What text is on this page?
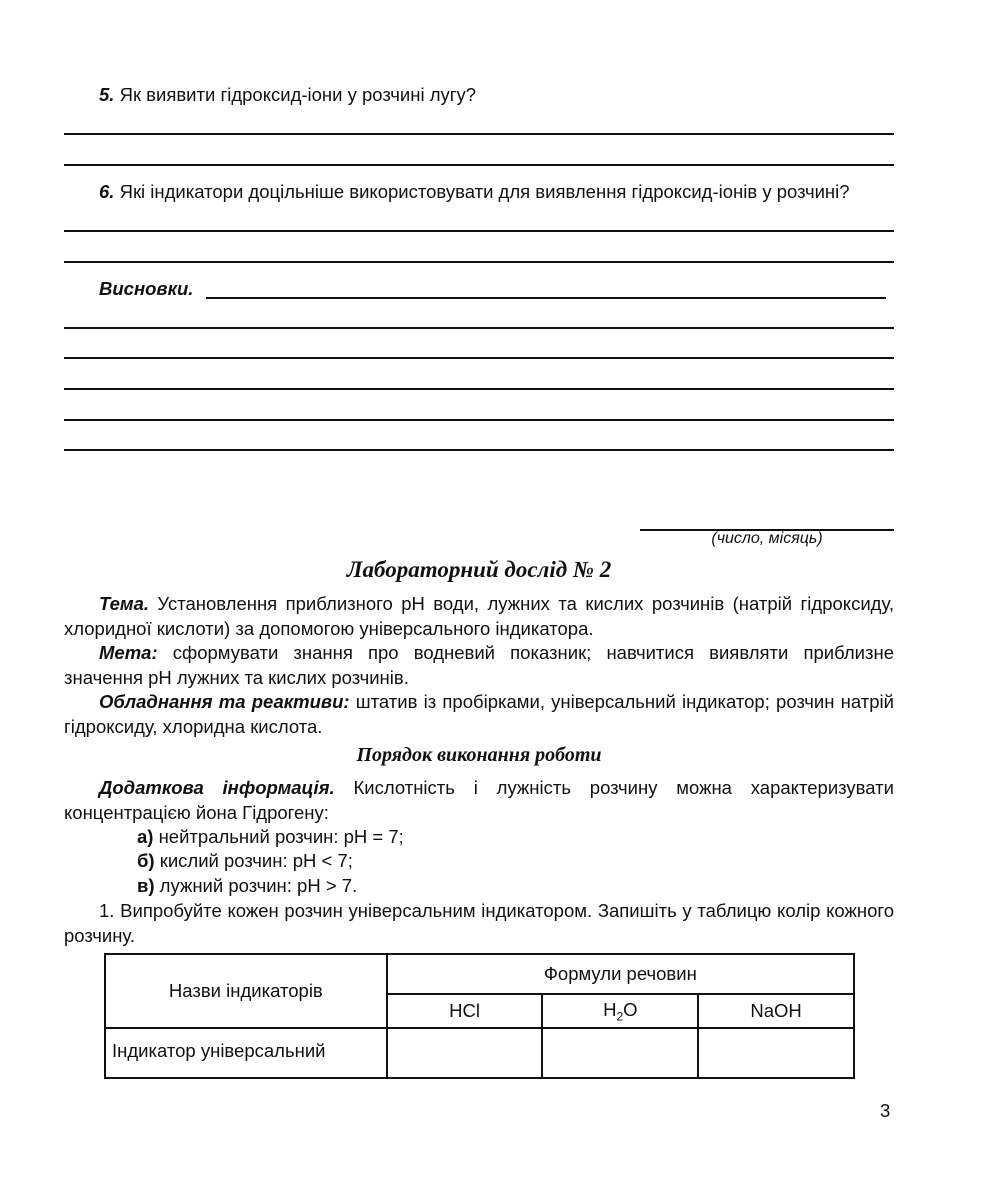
5. Як виявити гідроксид-іони у розчині лугу?
6. Які індикатори доцільніше використовувати для виявлення гідроксид-іонів у розчині?
Висновки.
(число, місяць)
Лабораторний дослід № 2
Тема. Установлення приблизного pH води, лужних та кислих розчинів (натрій гідроксиду, хлоридної кислоти) за допомогою універсального індикатора.
Мета: сформувати знання про водневий показник; навчитися виявляти приблизне значення pH лужних та кислих розчинів.
Обладнання та реактиви: штатив із пробірками, універсальний індикатор; розчин натрій гідроксиду, хлоридна кислота.
Порядок виконання роботи
Додаткова інформація. Кислотність і лужність розчину можна характеризувати концентрацією йона Гідрогену:
а) нейтральний розчин: pH = 7;
б) кислий розчин: pH < 7;
в) лужний розчин: pH > 7.
1. Випробуйте кожен розчин універсальним індикатором. Запишіть у таблицю колір кожного розчину.
Назви індикаторів	Формули речовин		
	HCl	$H_2O$	NaOH
Індикатор універсальний			
3
